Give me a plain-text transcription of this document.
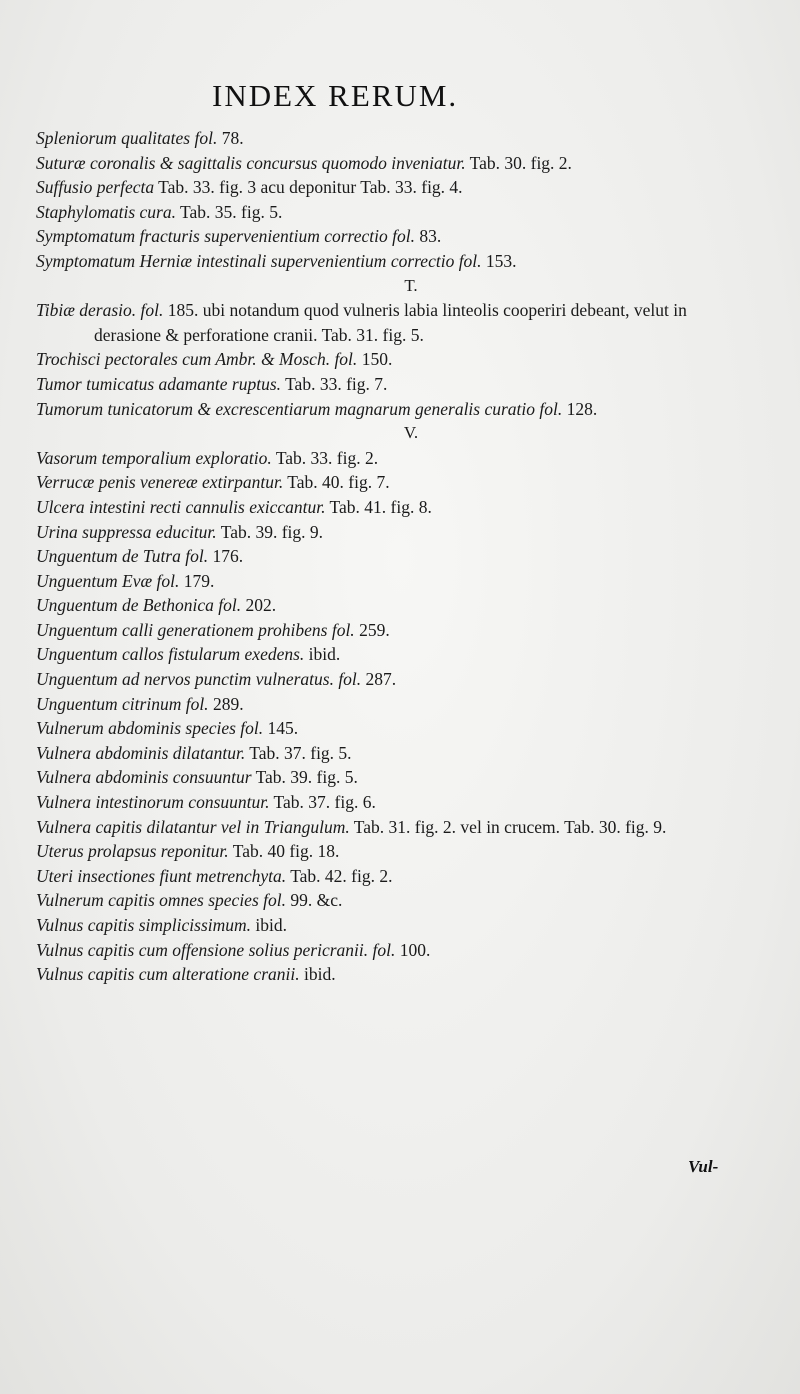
INDEX RERUM.
Spleniorum qualitates fol. 78.
Suturæ coronalis & sagittalis concursus quomodo inveniatur. Tab. 30. fig. 2.
Suffusio perfecta Tab. 33. fig. 3 acu deponitur Tab. 33. fig. 4.
Staphylomatis cura. Tab. 35. fig. 5.
Symptomatum fracturis supervenientium correctio fol. 83.
Symptomatum Herniæ intestinali supervenientium correctio fol. 153.
T.
Tibiæ derasio. fol. 185. ubi notandum quod vulneris labia linteolis cooperiri debeant, velut in derasione & perforatione cranii. Tab. 31. fig. 5.
Trochisci pectorales cum Ambr. & Mosch. fol. 150.
Tumor tumicatus adamante ruptus. Tab. 33. fig. 7.
Tumorum tunicatorum & excrescentiarum magnarum generalis curatio fol. 128.
V.
Vasorum temporalium exploratio. Tab. 33. fig. 2.
Verrucæ penis venereæ extirpantur. Tab. 40. fig. 7.
Ulcera intestini recti cannulis exiccantur. Tab. 41. fig. 8.
Urina suppressa educitur. Tab. 39. fig. 9.
Unguentum de Tutra fol. 176.
Unguentum Evæ fol. 179.
Unguentum de Bethonica fol. 202.
Unguentum calli generationem prohibens fol. 259.
Unguentum callos fistularum exedens. ibid.
Unguentum ad nervos punctim vulneratus. fol. 287.
Unguentum citrinum fol. 289.
Vulnerum abdominis species fol. 145.
Vulnera abdominis dilatantur. Tab. 37. fig. 5.
Vulnera abdominis consuuntur Tab. 39. fig. 5.
Vulnera intestinorum consuuntur. Tab. 37. fig. 6.
Vulnera capitis dilatantur vel in Triangulum. Tab. 31. fig. 2. vel in crucem. Tab. 30. fig. 9.
Uterus prolapsus reponitur. Tab. 40 fig. 18.
Uteri insectiones fiunt metrenchyta. Tab. 42. fig. 2.
Vulnerum capitis omnes species fol. 99. &c.
Vulnus capitis simplicissimum. ibid.
Vulnus capitis cum offensione solius pericranii. fol. 100.
Vulnus capitis cum alteratione cranii. ibid.
Vul-
